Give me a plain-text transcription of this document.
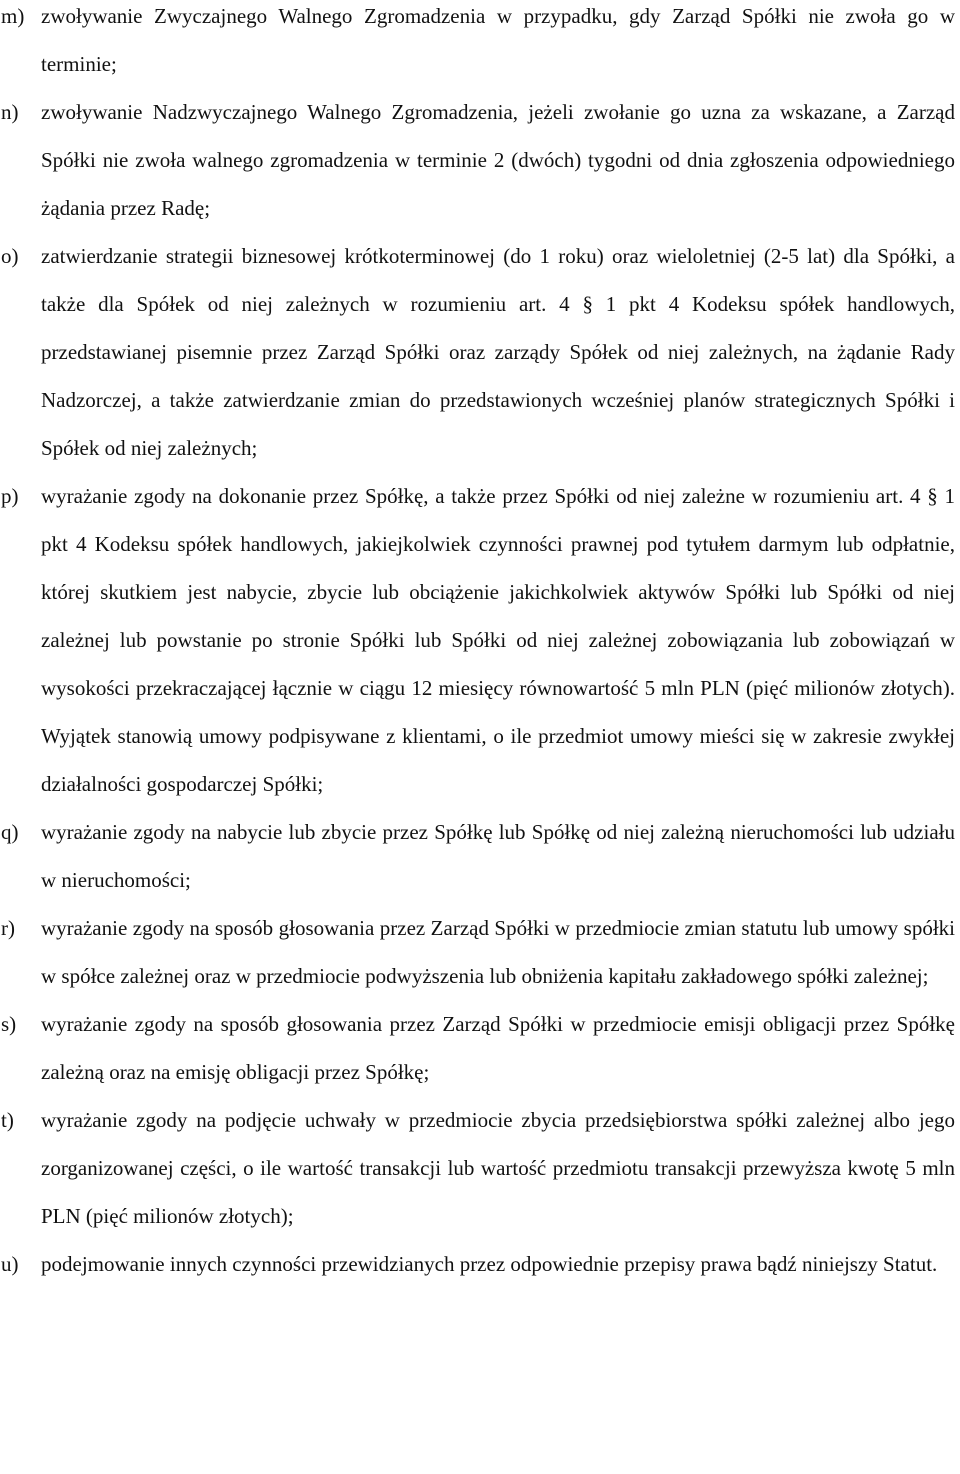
m) zwoływanie Zwyczajnego Walnego Zgromadzenia w przypadku, gdy Zarząd Spółki nie zwoła go w terminie;

n)	zwoływanie Nadzwyczajnego Walnego Zgromadzenia, jeżeli zwołanie go uzna za wskazane, a Zarząd Spółki nie zwoła walnego zgromadzenia w terminie 2 (dwóch) tygodni od dnia zgłoszenia odpowiedniego żądania przez Radę;

o)	zatwierdzanie strategii biznesowej krótkoterminowej (do 1 roku) oraz wieloletniej (2-5 lat) dla Spółki, a także dla Spółek od niej zależnych w rozumieniu art. 4 § 1 pkt 4 Kodeksu spółek handlowych, przedstawianej pisemnie przez Zarząd Spółki oraz zarządy Spółek od niej zależnych, na żądanie Rady Nadzorczej, a także zatwierdzanie zmian do przedstawionych wcześniej planów strategicznych Spółki i Spółek od niej zależnych;

p)	wyrażanie zgody na dokonanie przez Spółkę, a także przez Spółki od niej zależne w rozumieniu art. 4 § 1 pkt 4 Kodeksu spółek handlowych, jakiejkolwiek czynności prawnej pod tytułem darmym lub odpłatnie, której skutkiem jest nabycie, zbycie lub obciążenie jakichkolwiek aktywów Spółki lub Spółki od niej zależnej lub powstanie po stronie Spółki lub Spółki od niej zależnej zobowiązania lub zobowiązań w wysokości przekraczającej łącznie w ciągu 12 miesięcy równowartość 5 mln PLN (pięć milionów złotych). Wyjątek stanowią umowy podpisywane z klientami, o ile przedmiot umowy mieści się w zakresie zwykłej działalności gospodarczej Spółki;

q)	wyrażanie zgody na nabycie lub zbycie przez Spółkę lub Spółkę od niej zależną nieruchomości lub udziału w nieruchomości;

r)	wyrażanie zgody na sposób głosowania przez Zarząd Spółki w przedmiocie zmian statutu lub umowy spółki w spółce zależnej oraz w przedmiocie podwyższenia lub obniżenia kapitału zakładowego spółki zależnej;

s)	wyrażanie zgody na sposób głosowania przez Zarząd Spółki w przedmiocie emisji obligacji przez Spółkę zależną oraz na emisję obligacji przez Spółkę;

t)	wyrażanie zgody na podjęcie uchwały w przedmiocie zbycia przedsiębiorstwa spółki zależnej albo jego zorganizowanej części, o ile wartość transakcji lub wartość przedmiotu transakcji przewyższa kwotę 5 mln PLN (pięć milionów złotych);

u)	podejmowanie innych czynności przewidzianych przez odpowiednie przepisy prawa bądź niniejszy Statut.
